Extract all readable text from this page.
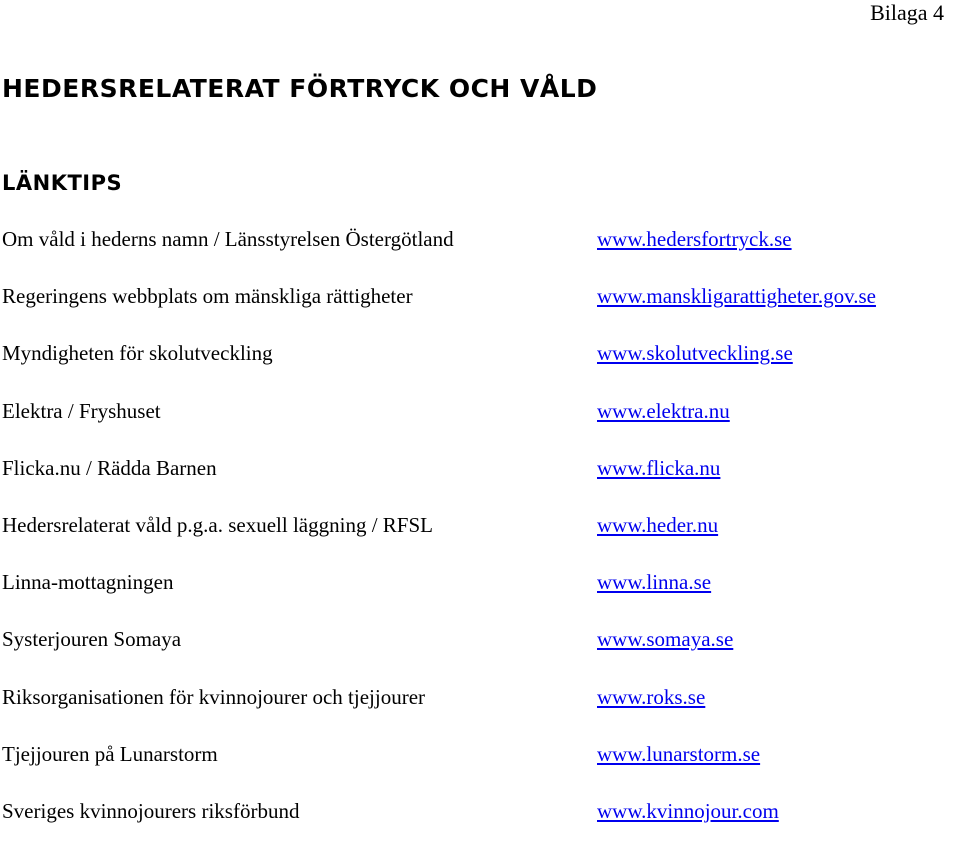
Bilaga 4
HEDERSRELATERAT FÖRTRYCK OCH VÅLD
LÄNKTIPS
Om våld i hederns namn / Länsstyrelsen Östergötland	www.hedersfortryck.se
Regeringens webbplats om mänskliga rättigheter	www.manskligarattigheter.gov.se
Myndigheten för skolutveckling	www.skolutveckling.se
Elektra / Fryshuset	www.elektra.nu
Flicka.nu / Rädda Barnen	www.flicka.nu
Hedersrelaterat våld p.g.a. sexuell läggning / RFSL	www.heder.nu
Linna-mottagningen	www.linna.se
Systerjouren Somaya	www.somaya.se
Riksorganisationen för kvinnojourer och tjejjourer	www.roks.se
Tjejjouren på Lunarstorm	www.lunarstorm.se
Sveriges kvinnojourers riksförbund	www.kvinnojour.com
